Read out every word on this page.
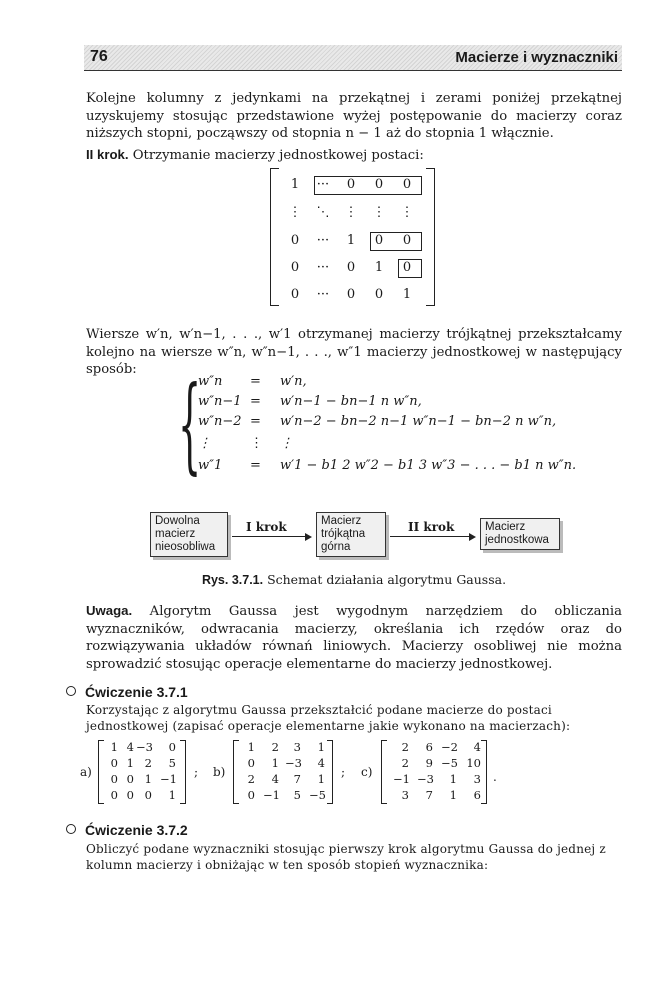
76	Macierze i wyznaczniki
Kolejne kolumny z jedynkami na przekątnej i zerami poniżej przekątnej uzyskujemy stosując przedstawione wyżej postępowanie do macierzy coraz niższych stopni, począwszy od stopnia n − 1 aż do stopnia 1 włącznie.
II krok. Otrzymanie macierzy jednostkowej postaci:
1	···	0	0	0
⋮	⋱	⋮	⋮	⋮
0	···	1	0	0
0	···	0	1	0
0	···	0	0	1
Wiersze w′n, w′n−1, . . ., w′1 otrzymanej macierzy trójkątnej przekształcamy kolejno na wiersze w″n, w″n−1, . . ., w″1 macierzy jednostkowej w następujący sposób: {
w″n = w′n,
w″n−1 = w′n−1 − bn−1 n w″n,
w″n−2 = w′n−2 − bn−2 n−1 w″n−1 − bn−2 n w″n,
⋮	⋮ ⋮
w″1 = w′1 − b1 2 w″2 − b1 3 w″3 − . . . − b1 n w″n.
Dowolna
macierz
nieosobliwa
I krok	Macierz
trójkątna
górna
II krok	Macierz
jednostkowa
Rys. 3.7.1. Schemat działania algorytmu Gaussa.
Uwaga. Algorytm Gaussa jest wygodnym narzędziem do obliczania wyznaczników, odwracania macierzy, określania ich rzędów oraz do rozwiązywania układów równań liniowych. Macierzy osobliwej nie można sprowadzić stosując operacje elementarne do macierzy jednostkowej.
Ćwiczenie 3.7.1
Korzystając z algorytmu Gaussa przekształcić podane macierze do postaci jednostkowej (zapisać operacje elementarne jakie wykonano na macierzach):
a)
1 4 −3	0
0 1 2	5
0 0 1 −1
0 0 0	1
; b)
1	2	3	1
0	1 −3	4
2	4	7	1
0 −1	5 −5
; c)
2	6 −2	4
2	9 −5 10
−1 −3	1	3
3	7	1	6
.
Ćwiczenie 3.7.2
Obliczyć podane wyznaczniki stosując pierwszy krok algorytmu Gaussa do jednej z kolumn macierzy i obniżając w ten sposób stopień wyznacznika:
